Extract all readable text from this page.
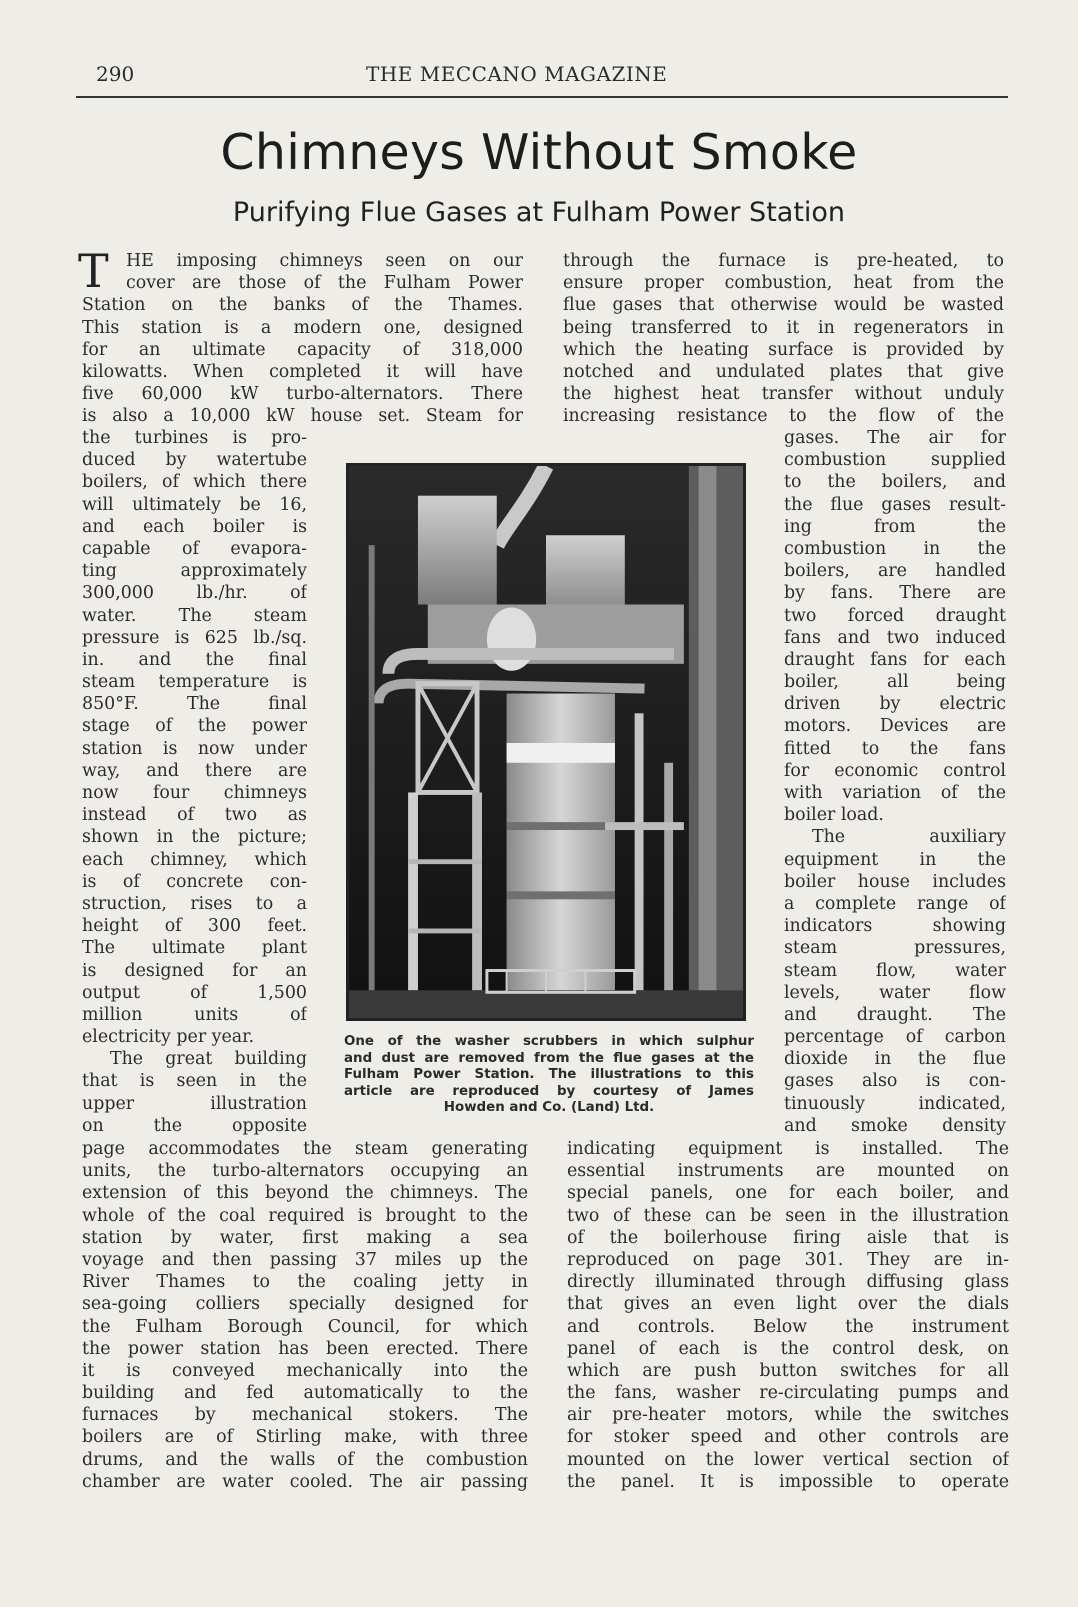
290	THE MECCANO MAGAZINE
Chimneys Without Smoke
Purifying Flue Gases at Fulham Power Station
T HE imposing chimneys seen on our
cover are those of the Fulham Power
Station on the banks of the Thames.
This station is a modern one, designed
for an ultimate capacity of 318,000
kilowatts. When completed it will have
five 60,000 kW turbo-alternators. There
is also a 10,000 kW house set. Steam for
the turbines is pro-
duced by watertube
boilers, of which there
will ultimately be 16,
and each boiler is
capable of evapora-
ting approximately
300,000 lb./hr. of
water. The steam
pressure is 625 lb./sq.
in. and the final
steam temperature is
850°F. The final
stage of the power
station is now under
way, and there are
now four chimneys
instead of two as
shown in the picture;
each chimney, which
is of concrete con-
struction, rises to a
height of 300 feet.
The ultimate plant
is designed for an
output of 1,500
million units of
electricity per year.
The great building
that is seen in the
upper illustration
on the opposite
page accommodates the steam generating
units, the turbo-alternators occupying an
extension of this beyond the chimneys. The
whole of the coal required is brought to the
station by water, first making a sea
voyage and then passing 37 miles up the
River Thames to the coaling jetty in
sea-going colliers specially designed for
the Fulham Borough Council, for which
the power station has been erected. There
it is conveyed mechanically into the
building and fed automatically to the
furnaces by mechanical stokers. The
boilers are of Stirling make, with three
drums, and the walls of the combustion
chamber are water cooled. The air passing
through the furnace is pre-heated, to
ensure proper combustion, heat from the
flue gases that otherwise would be wasted
being transferred to it in regenerators in
which the heating surface is provided by
notched and undulated plates that give
the highest heat transfer without unduly
increasing resistance to the flow of the
gases. The air for
combustion supplied
to the boilers, and
the flue gases result-
ing from the
combustion in the
boilers, are handled
by fans. There are
two forced draught
fans and two induced
draught fans for each
boiler, all being
driven by electric
motors. Devices are
fitted to the fans
for economic control
with variation of the
boiler load.
The auxiliary
equipment in the
boiler house includes
a complete range of
indicators showing
steam pressures,
steam flow, water
levels, water flow
and draught. The
percentage of carbon
dioxide in the flue
gases also is con-
tinuously indicated,
and smoke density
indicating equipment is installed. The
essential instruments are mounted on
special panels, one for each boiler, and
two of these can be seen in the illustration
of the boilerhouse firing aisle that is
reproduced on page 301. They are in-
directly illuminated through diffusing glass
that gives an even light over the dials
and controls. Below the instrument
panel of each is the control desk, on
which are push button switches for all
the fans, washer re-circulating pumps and
air pre-heater motors, while the switches
for stoker speed and other controls are
mounted on the lower vertical section of
the panel. It is impossible to operate
One of the washer scrubbers in which sulphur
and dust are removed from the flue gases at the
Fulham Power Station. The illustrations to this
article are reproduced by courtesy of James
Howden and Co. (Land) Ltd.
